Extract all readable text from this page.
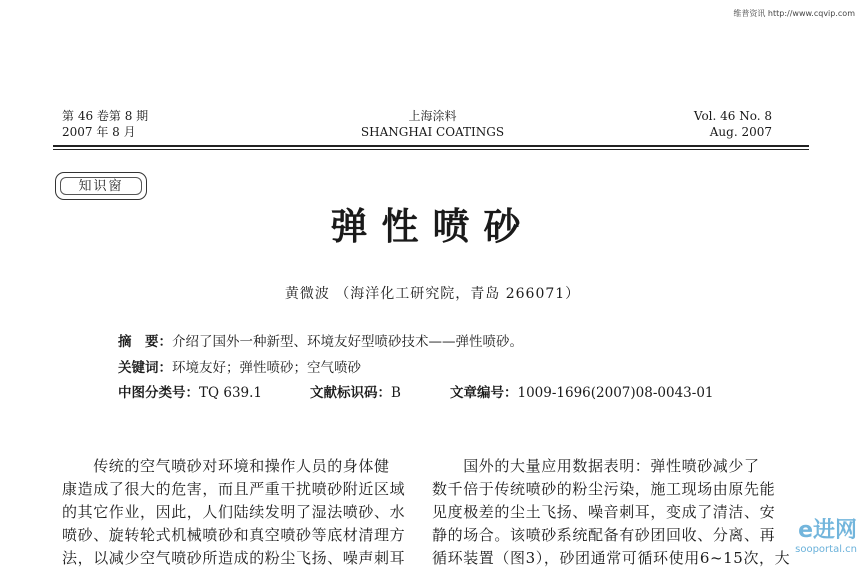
维普资讯 http://www.cqvip.com
第 46 卷第 8 期
2007 年 8 月
上海涂料
SHANGHAI COATINGS
Vol. 46 No. 8
Aug. 2007
知识窗
弹性喷砂
黄微波 （海洋化工研究院，青岛 266071）
摘　要：介绍了国外一种新型、环境友好型喷砂技术——弹性喷砂。
关键词：环境友好；弹性喷砂；空气喷砂
中图分类号：TQ 639.1	文献标识码：B	文章编号：1009-1696(2007)08-0043-01
　　传统的空气喷砂对环境和操作人员的身体健
康造成了很大的危害，而且严重干扰喷砂附近区域
的其它作业，因此，人们陆续发明了湿法喷砂、水
喷砂、旋转轮式机械喷砂和真空喷砂等底材清理方
法，以减少空气喷砂所造成的粉尘飞扬、噪声刺耳
　　国外的大量应用数据表明：弹性喷砂减少了
数千倍于传统喷砂的粉尘污染，施工现场由原先能
见度极差的尘土飞扬、噪音刺耳，变成了清洁、安
静的场合。该喷砂系统配备有砂团回收、分离、再
循环装置（图3），砂团通常可循环使用6~15次，大
e进网
sooportal.cn
